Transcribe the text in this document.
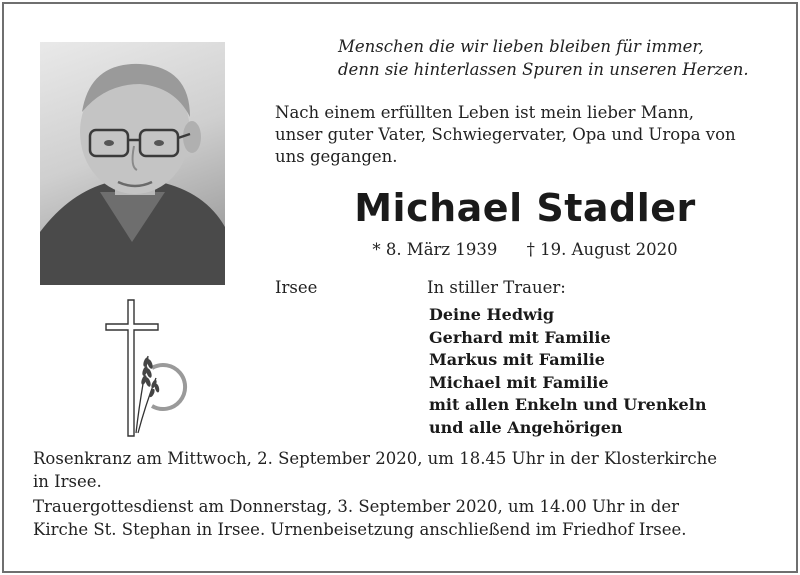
Menschen die wir lieben bleiben für immer,
denn sie hinterlassen Spuren in unseren Herzen.
Nach einem erfüllten Leben ist mein lieber Mann,
unser guter Vater, Schwiegervater, Opa und Uropa von
uns gegangen.
Michael Stadler
* 8. März 1939 † 19. August 2020
Irsee	In stiller Trauer:
Deine Hedwig
Gerhard mit Familie
Markus mit Familie
Michael mit Familie
mit allen Enkeln und Urenkeln
und alle Angehörigen
Rosenkranz am Mittwoch, 2. September 2020, um 18.45 Uhr in der Klosterkirche
in Irsee.
Trauergottesdienst am Donnerstag, 3. September 2020, um 14.00 Uhr in der
Kirche St. Stephan in Irsee. Urnenbeisetzung anschließend im Friedhof Irsee.
